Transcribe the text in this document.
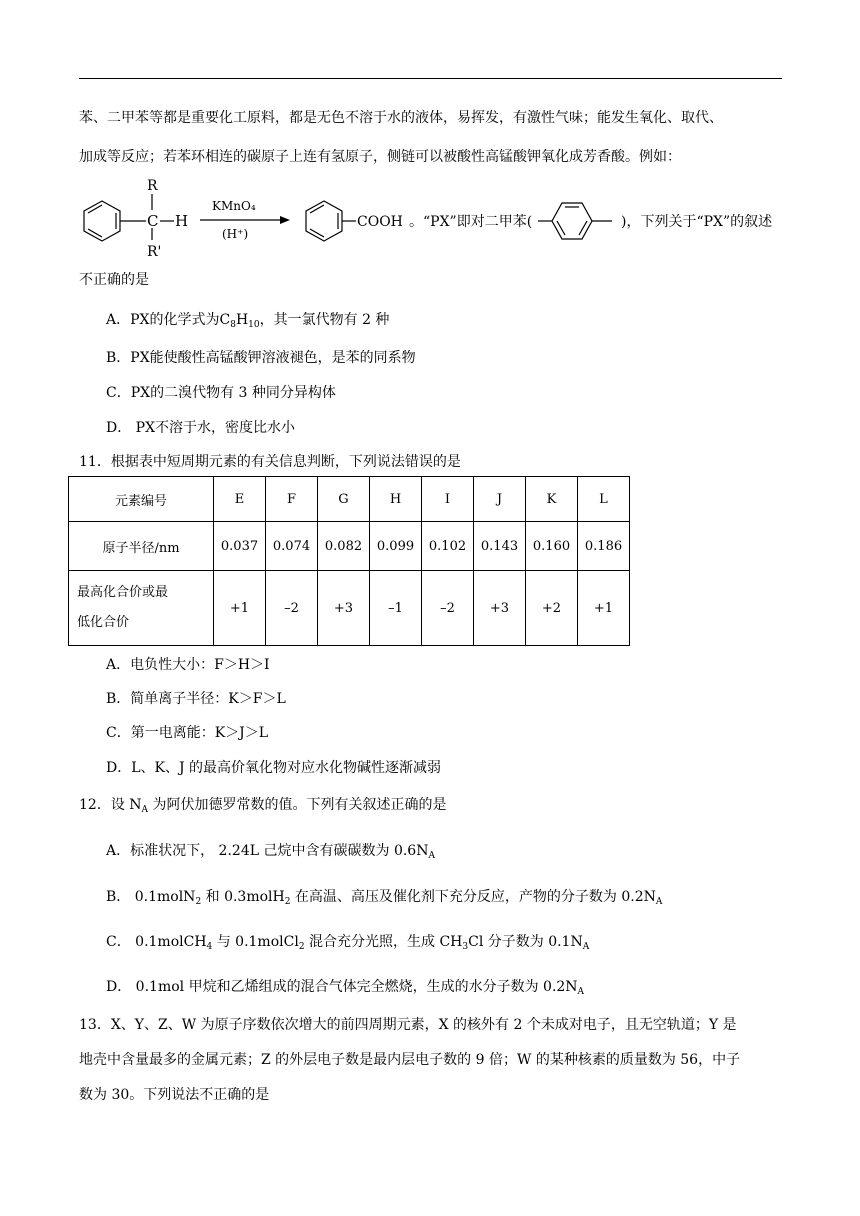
苯、二甲苯等都是重要化工原料，都是无色不溶于水的液体，易挥发，有激性气味；能发生氧化、取代、
加成等反应；若苯环相连的碳原子上连有氢原子，侧链可以被酸性高锰酸钾氧化成芳香酸。例如：
C
R
R'
H
KMnO₄
(H⁺)
COOH 。“PX”即对二甲苯(	)，下列关于“PX”的叙述
不正确的是
A．PX的化学式为$C_8H_{10}$，其一氯代物有 2 种
B．PX能使酸性高锰酸钾溶液褪色，是苯的同系物
C．PX的二溴代物有 3 种同分异构体
D． PX不溶于水，密度比水小
11．根据表中短周期元素的有关信息判断，下列说法错误的是
元素编号	E	F	G	H	I	J	K	L
原子半径/nm	0.037	0.074	0.082	0.099	0.102	0.143	0.160	0.186
最高化合价或最
低化合价	+1	–2	+3	–1	–2	+3	+2	+1
A．电负性大小：F＞H＞I
B．简单离子半径：K＞F＞L
C．第一电离能：K＞J＞L
D．L、K、J 的最高价氧化物对应水化物碱性逐渐减弱
12．设 $N_A$ 为阿伏加德罗常数的值。下列有关叙述正确的是
A．标准状况下， 2.24L 己烷中含有碳碳数为 $0.6N_A$
B． 0.1molN$_2$ 和 0.3molH$_2$ 在高温、高压及催化剂下充分反应，产物的分子数为 $0.2N_A$
C． 0.1molCH$_4$ 与 0.1molCl$_2$ 混合充分光照，生成 $CH_3Cl$ 分子数为 $0.1N_A$
D． 0.1mol 甲烷和乙烯组成的混合气体完全燃烧，生成的水分子数为 $0.2N_A$
13．X、Y、Z、W 为原子序数依次增大的前四周期元素，X 的核外有 2 个未成对电子，且无空轨道；Y 是
地壳中含量最多的金属元素；Z 的外层电子数是最内层电子数的 9 倍；W 的某种核素的质量数为 56，中子
数为 30。下列说法不正确的是
